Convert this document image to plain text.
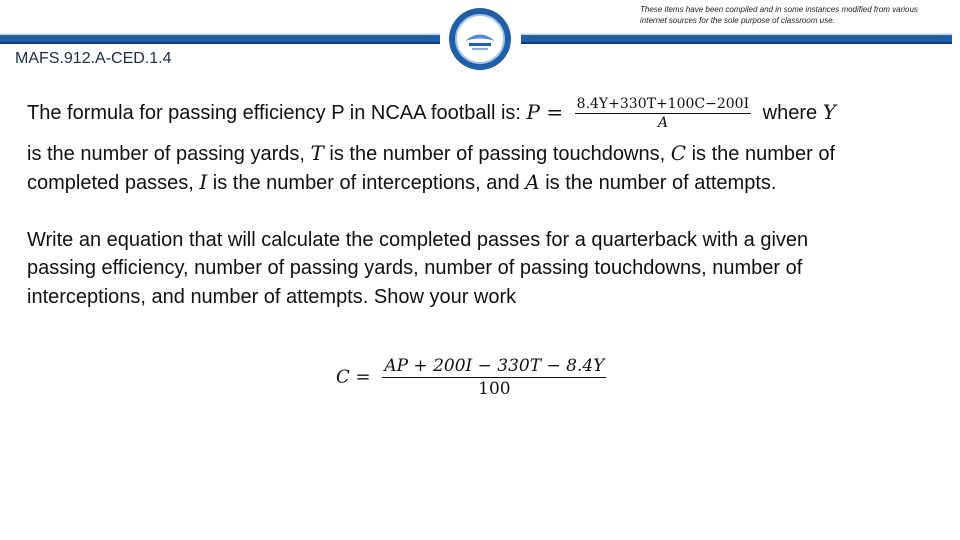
These items have been compiled and in some instances modified from various internet sources for the sole purpose of classroom use.
MAFS.912.A-CED.1.4
The formula for passing efficiency P in NCAA football is: $P = \frac{8.4Y+330T+100C-200I}{A}$ where Y
is the number of passing yards, T is the number of passing touchdowns, C is the number of
completed passes, I is the number of interceptions, and A is the number of attempts.
Write an equation that will calculate the completed passes for a quarterback with a given
passing efficiency, number of passing yards, number of passing touchdowns, number of
interceptions, and number of attempts. Show your work
$C = \frac{AP + 200I - 330T - 8.4Y}{100}$
